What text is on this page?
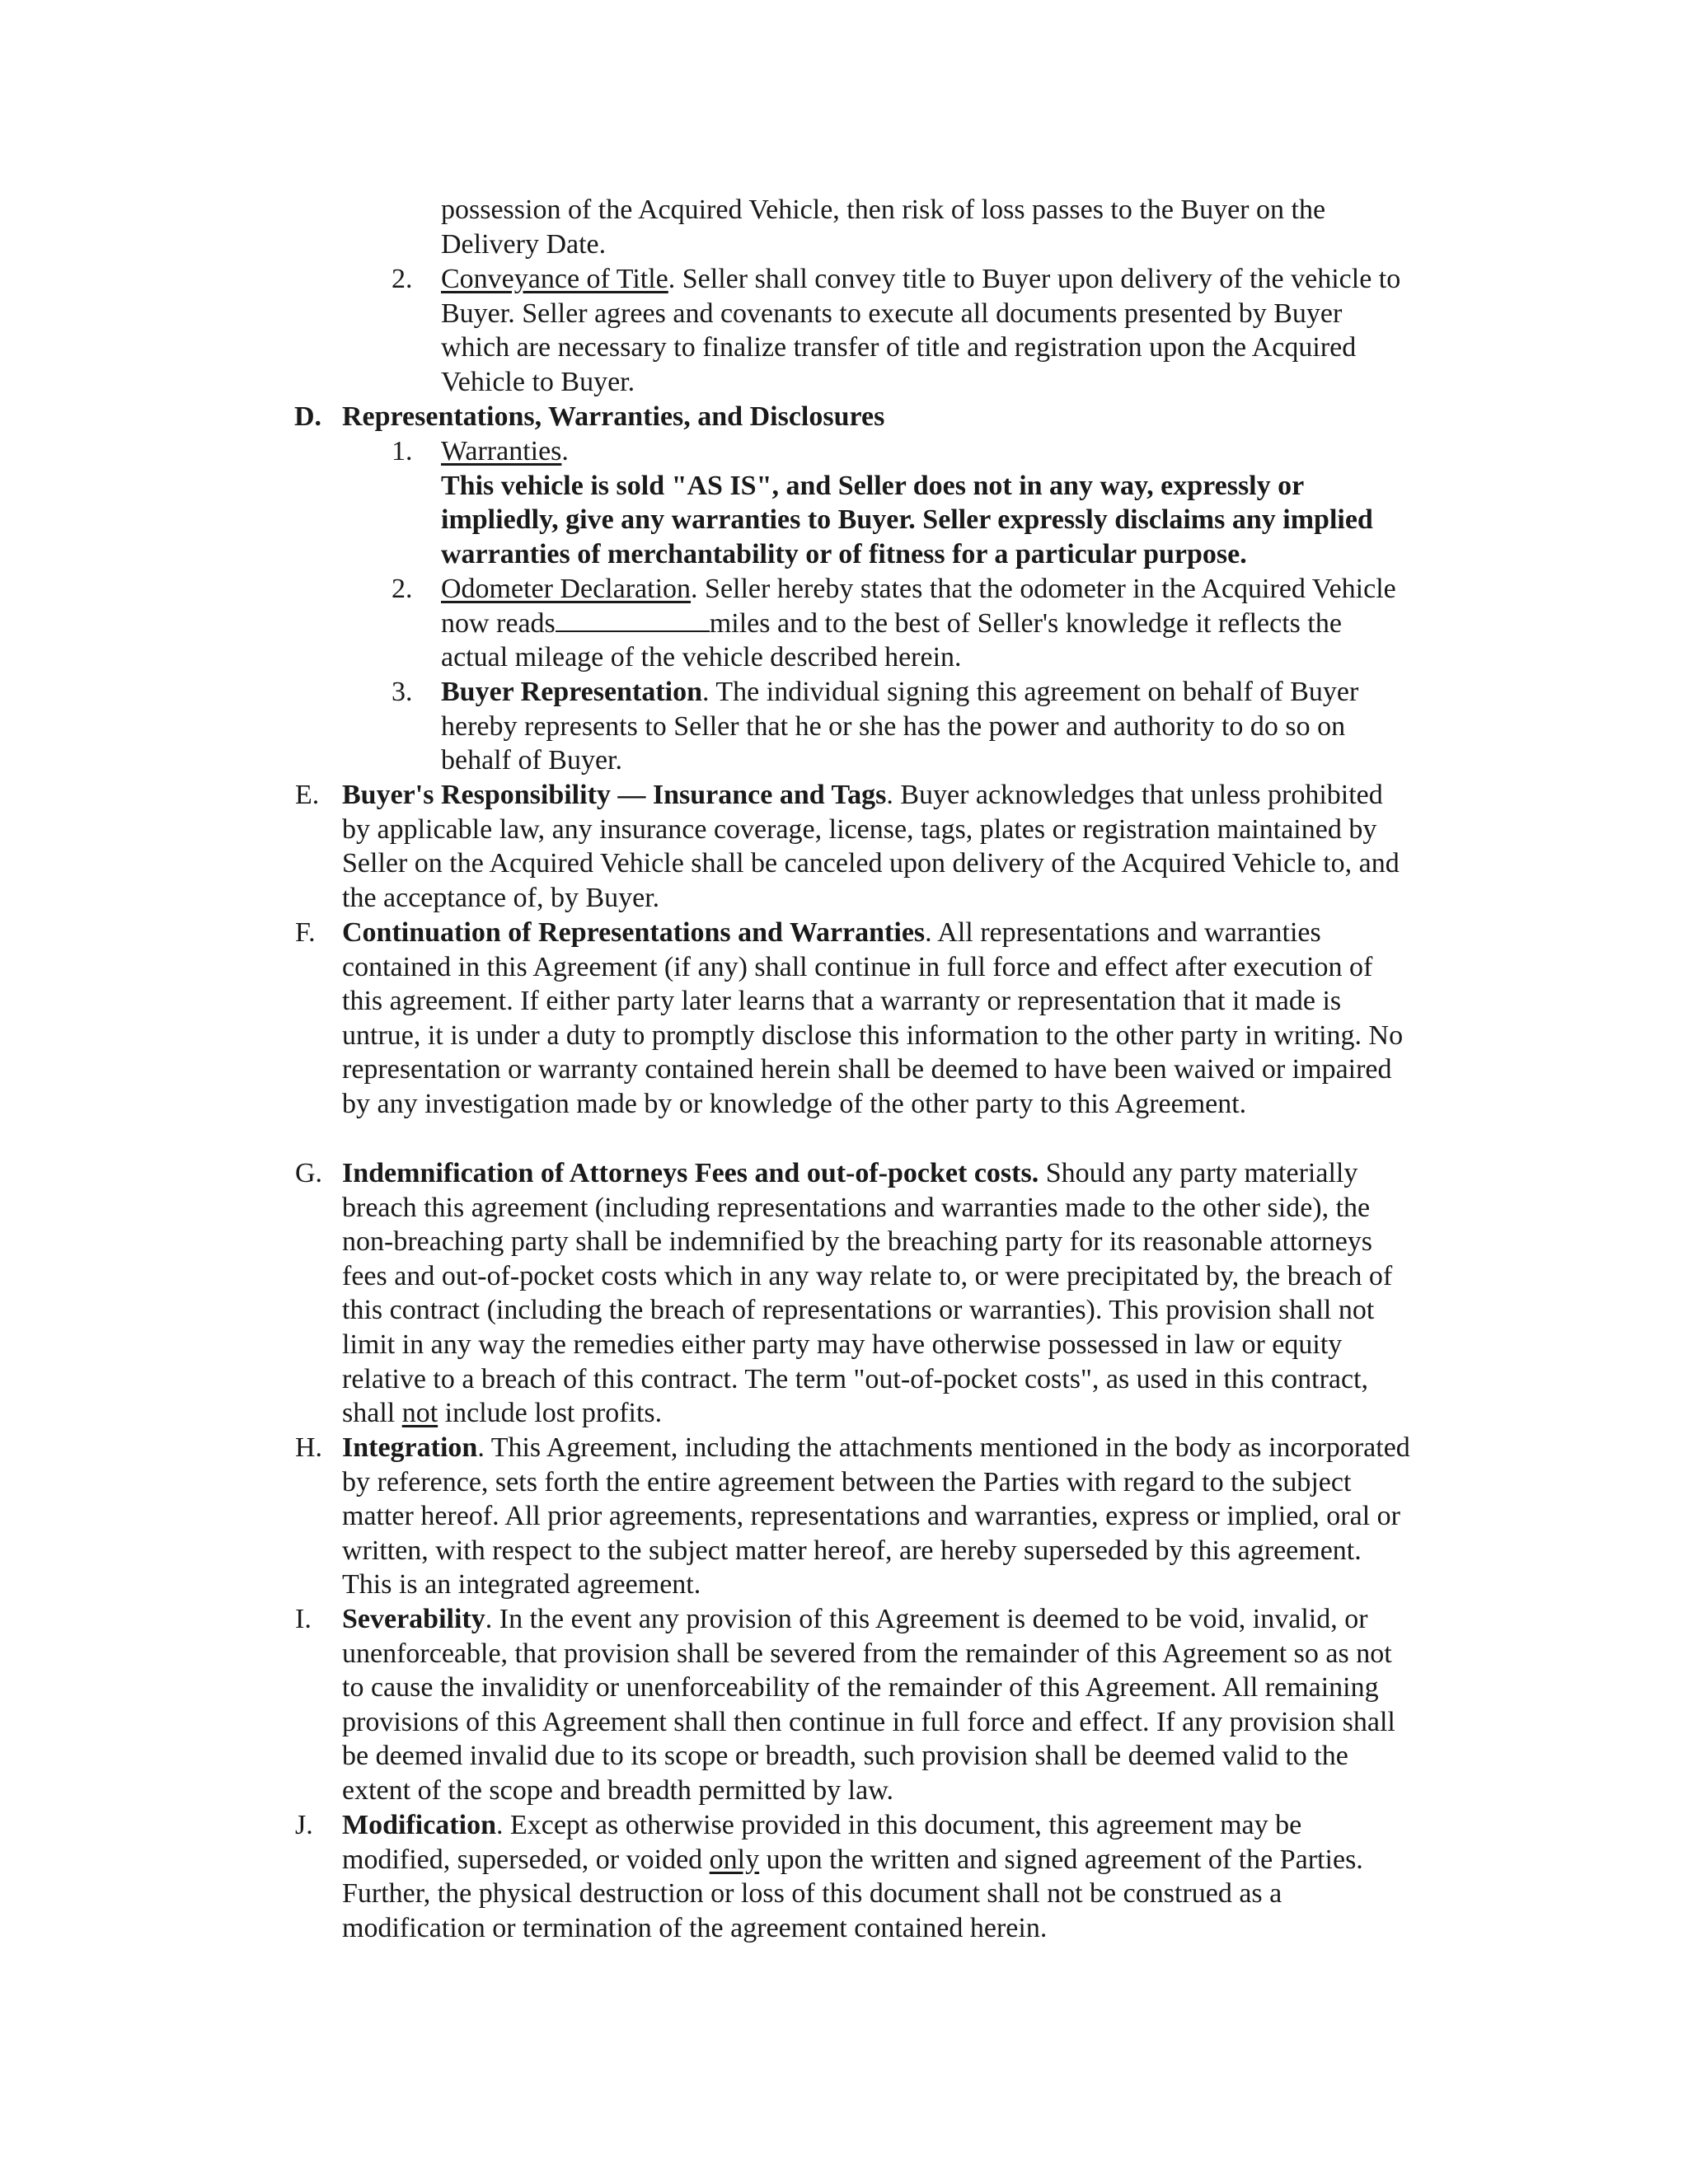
possession of the Acquired Vehicle, then risk of loss passes to the Buyer on the Delivery Date.

2. Conveyance of Title. Seller shall convey title to Buyer upon delivery of the vehicle to Buyer. Seller agrees and covenants to execute all documents presented by Buyer which are necessary to finalize transfer of title and registration upon the Acquired Vehicle to Buyer.

D. Representations, Warranties, and Disclosures

1. Warranties.
This vehicle is sold "AS IS", and Seller does not in any way, expressly or impliedly, give any warranties to Buyer. Seller expressly disclaims any implied warranties of merchantability or of fitness for a particular purpose.

2. Odometer Declaration. Seller hereby states that the odometer in the Acquired Vehicle now reads	miles and to the best of Seller's knowledge it reflects the actual mileage of the vehicle described herein.

3. Buyer Representation. The individual signing this agreement on behalf of Buyer hereby represents to Seller that he or she has the power and authority to do so on behalf of Buyer.

E. Buyer's Responsibility — Insurance and Tags. Buyer acknowledges that unless prohibited by applicable law, any insurance coverage, license, tags, plates or registration maintained by Seller on the Acquired Vehicle shall be canceled upon delivery of the Acquired Vehicle to, and the acceptance of, by Buyer.

F. Continuation of Representations and Warranties. All representations and warranties contained in this Agreement (if any) shall continue in full force and effect after execution of this agreement. If either party later learns that a warranty or representation that it made is untrue, it is under a duty to promptly disclose this information to the other party in writing. No representation or warranty contained herein shall be deemed to have been waived or impaired by any investigation made by or knowledge of the other party to this Agreement.

G. Indemnification of Attorneys Fees and out-of-pocket costs. Should any party materially breach this agreement (including representations and warranties made to the other side), the non-breaching party shall be indemnified by the breaching party for its reasonable attorneys fees and out-of-pocket costs which in any way relate to, or were precipitated by, the breach of this contract (including the breach of representations or warranties). This provision shall not limit in any way the remedies either party may have otherwise possessed in law or equity relative to a breach of this contract. The term "out-of-pocket costs", as used in this contract, shall not include lost profits.

H. Integration. This Agreement, including the attachments mentioned in the body as incorporated by reference, sets forth the entire agreement between the Parties with regard to the subject matter hereof. All prior agreements, representations and warranties, express or implied, oral or written, with respect to the subject matter hereof, are hereby superseded by this agreement. This is an integrated agreement.

I. Severability. In the event any provision of this Agreement is deemed to be void, invalid, or unenforceable, that provision shall be severed from the remainder of this Agreement so as not to cause the invalidity or unenforceability of the remainder of this Agreement. All remaining provisions of this Agreement shall then continue in full force and effect. If any provision shall be deemed invalid due to its scope or breadth, such provision shall be deemed valid to the extent of the scope and breadth permitted by law.

J. Modification. Except as otherwise provided in this document, this agreement may be modified, superseded, or voided only upon the written and signed agreement of the Parties. Further, the physical destruction or loss of this document shall not be construed as a modification or termination of the agreement contained herein.
